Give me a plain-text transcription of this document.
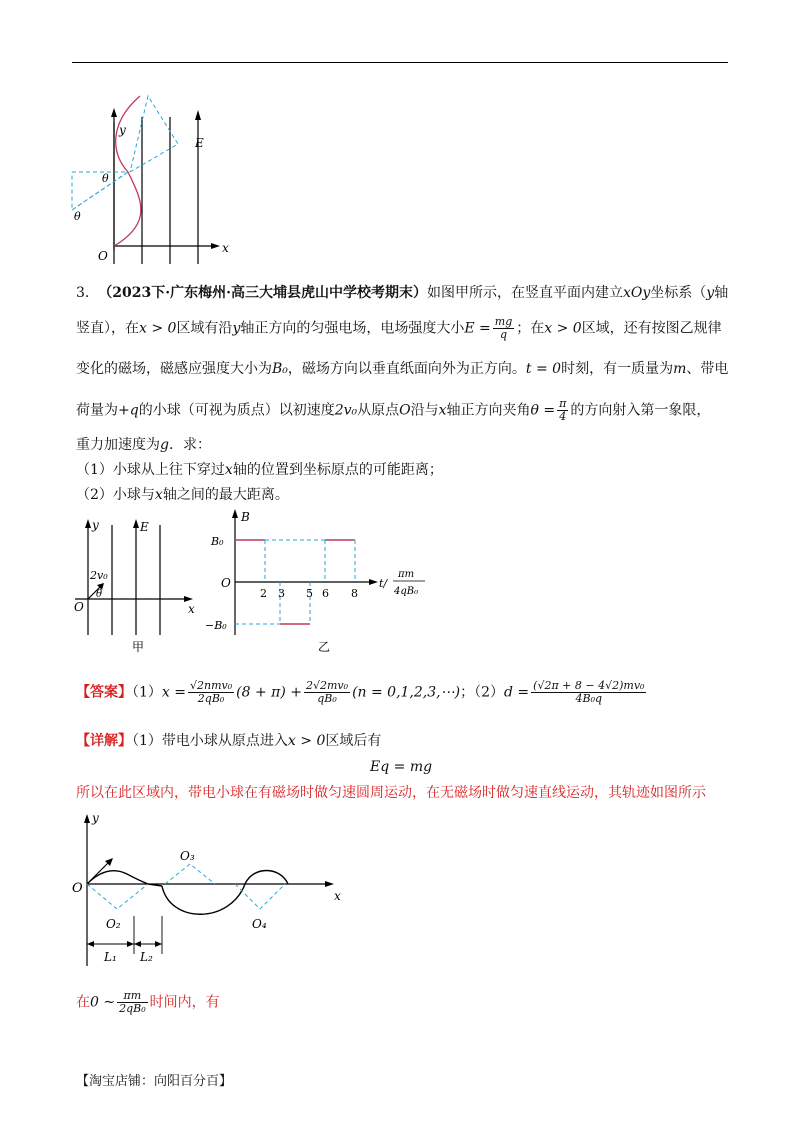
y
x
E
O
θ
θ
3. （2023下·广东梅州·高三大埔县虎山中学校考期末）如图甲所示，在竖直平面内建立xOy坐标系（y轴
竖直），在x > 0区域有沿y轴正方向的匀强电场，电场强度大小$E = \frac{mg}{q}$ ；在x > 0区域，还有按图乙规律
变化的磁场，磁感应强度大小为B₀，磁场方向以垂直纸面向外为正方向。t = 0时刻，有一质量为m、带电
荷量为+q的小球（可视为质点）以初速度2v₀从原点O沿与x轴正方向夹角$\theta = \frac{\pi}{4}$ 的方向射入第一象限，
重力加速度为g．求：
（1）小球从上往下穿过x轴的位置到坐标原点的可能距离；
（2）小球与x轴之间的最大距离。
y
x
E
O
2v₀
θ
甲
B
B₀
−B₀
O
2 3 5 6 8
t/
πm
4qB₀
乙
【答案】$(1)x = \frac{\text{√2nmv₀}}{\text{2qB₀}} (8 + \pi) + \frac{\text{2√2mv₀}}{\text{qB₀}} (n$ = 0,1,2,3,⋯)；$(2)d = \frac{\text{(√2π + 8 − 4√2)mv₀}}{\text{4B₀q}}$
【详解】（1）带电小球从原点进入x > 0区域后有
Eq = mg
所以在此区域内，带电小球在有磁场时做匀速圆周运动，在无磁场时做匀速直线运动，其轨迹如图所示
y
x
O
O₂
O₃
O₄
L₁ L₂
在0 ~ $\frac{\pi m}{\text{2qB₀}}$ 时间内，有
【淘宝店铺：向阳百分百】
